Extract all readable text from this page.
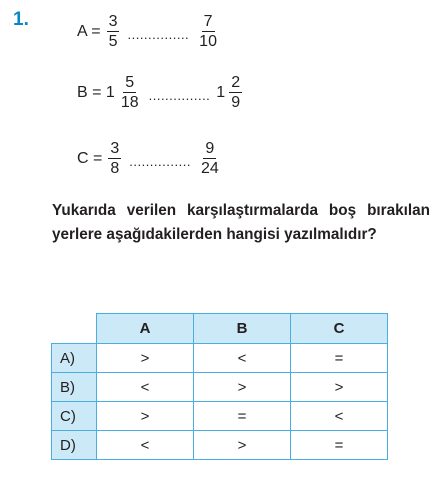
1.
$A = \frac{3}{5}$ ............... $\frac{7}{10}$
$B = 1 \frac{5}{18}$ ............... $1 \frac{2}{9}$
$C = \frac{3}{8}$ ............... $\frac{9}{24}$
Yukarıda verilen karşılaştırmalarda boş bırakılan yerlere aşağıdakilerden hangisi yazılmalıdır?
	A	B	C
A)	>	<	=
B)	<	>	>
C)	>	=	<
D)	<	>	=
